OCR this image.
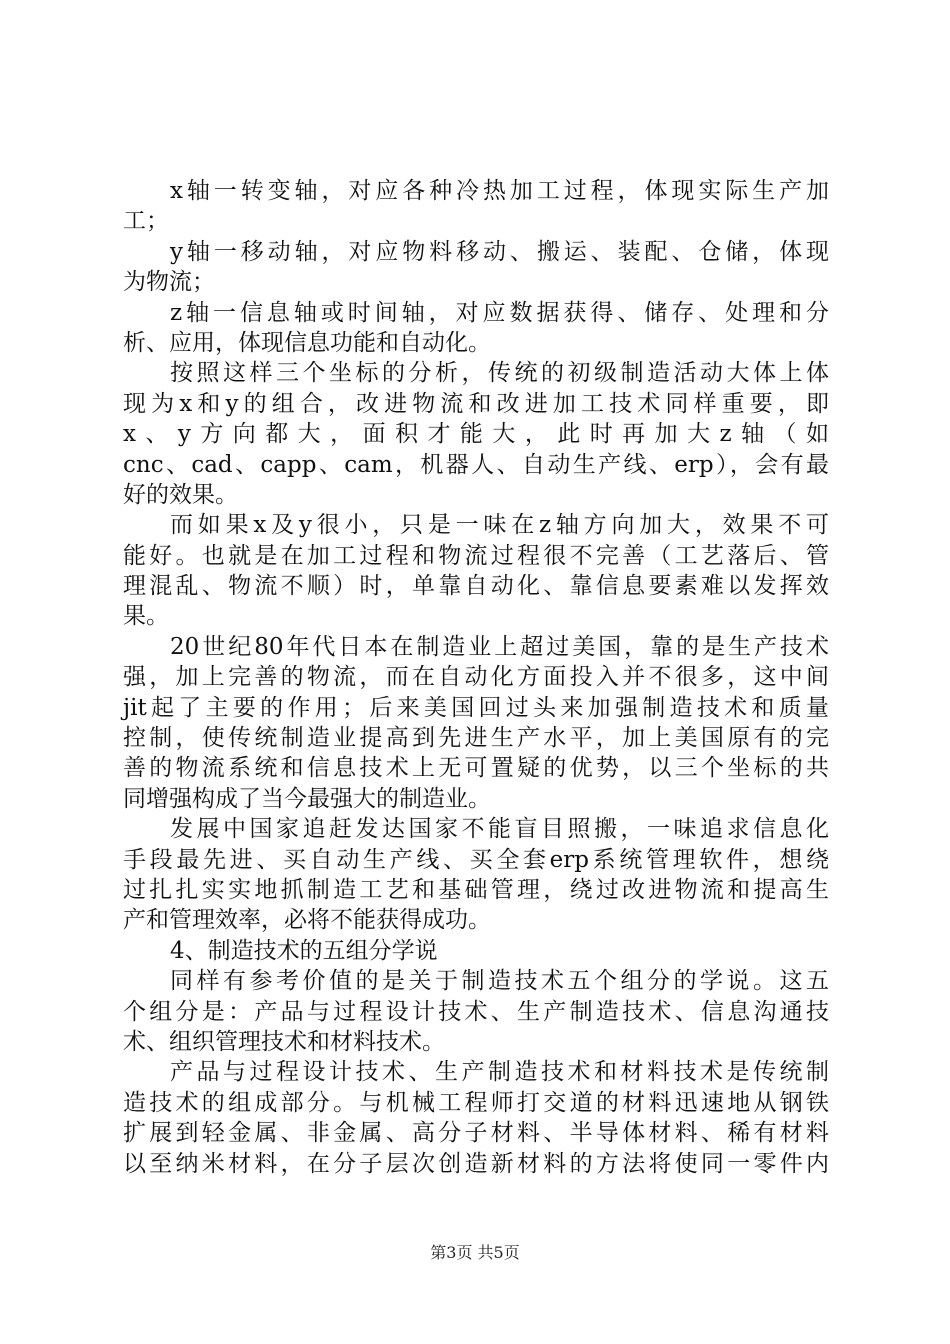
x轴一转变轴，对应各种冷热加工过程，体现实际生产加
工；
y轴一移动轴，对应物料移动、搬运、装配、仓储，体现
为物流；
z轴一信息轴或时间轴，对应数据获得、储存、处理和分
析、应用，体现信息功能和自动化。
按照这样三个坐标的分析，传统的初级制造活动大体上体
现为x和y的组合，改进物流和改进加工技术同样重要，即
x、y方向都大，面积才能大，此时再加大z轴（如
cnc、cad、capp、cam，机器人、自动生产线、erp），会有最
好的效果。
而如果x及y很小，只是一味在z轴方向加大，效果不可
能好。也就是在加工过程和物流过程很不完善（工艺落后、管
理混乱、物流不顺）时，单靠自动化、靠信息要素难以发挥效
果。
20世纪80年代日本在制造业上超过美国，靠的是生产技术
强，加上完善的物流，而在自动化方面投入并不很多，这中间
jit起了主要的作用；后来美国回过头来加强制造技术和质量
控制，使传统制造业提高到先进生产水平，加上美国原有的完
善的物流系统和信息技术上无可置疑的优势，以三个坐标的共
同增强构成了当今最强大的制造业。
发展中国家追赶发达国家不能盲目照搬，一味追求信息化
手段最先进、买自动生产线、买全套erp系统管理软件，想绕
过扎扎实实地抓制造工艺和基础管理，绕过改进物流和提高生
产和管理效率，必将不能获得成功。
4、制造技术的五组分学说
同样有参考价值的是关于制造技术五个组分的学说。这五
个组分是：产品与过程设计技术、生产制造技术、信息沟通技
术、组织管理技术和材料技术。
产品与过程设计技术、生产制造技术和材料技术是传统制
造技术的组成部分。与机械工程师打交道的材料迅速地从钢铁
扩展到轻金属、非金属、高分子材料、半导体材料、稀有材料
以至纳米材料，在分子层次创造新材料的方法将使同一零件内
第3页 共5页
